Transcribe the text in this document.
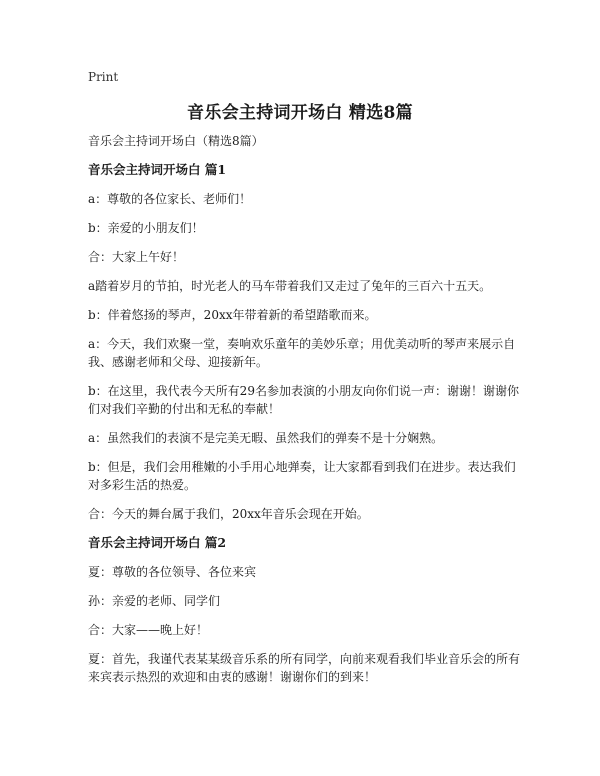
Print
音乐会主持词开场白 精选8篇

音乐会主持词开场白（精选8篇）

音乐会主持词开场白 篇1

a：尊敬的各位家长、老师们！

b：亲爱的小朋友们！

合：大家上午好！

a踏着岁月的节拍，时光老人的马车带着我们又走过了兔年的三百六十五天。

b：伴着悠扬的琴声，20xx年带着新的希望踏歌而来。

a：今天，我们欢聚一堂，奏响欢乐童年的美妙乐章；用优美动听的琴声来展示自我、感谢老师和父母、迎接新年。

b：在这里，我代表今天所有29名参加表演的小朋友向你们说一声：谢谢！谢谢你们对我们辛勤的付出和无私的奉献！

a：虽然我们的表演不是完美无暇、虽然我们的弹奏不是十分娴熟。

b：但是，我们会用稚嫩的小手用心地弹奏，让大家都看到我们在进步。表达我们对多彩生活的热爱。

合：今天的舞台属于我们，20xx年音乐会现在开始。

音乐会主持词开场白 篇2

夏：尊敬的各位领导、各位来宾

孙：亲爱的老师、同学们

合：大家——晚上好！

夏：首先，我谨代表某某级音乐系的所有同学，向前来观看我们毕业音乐会的所有来宾表示热烈的欢迎和由衷的感谢！谢谢你们的到来！
